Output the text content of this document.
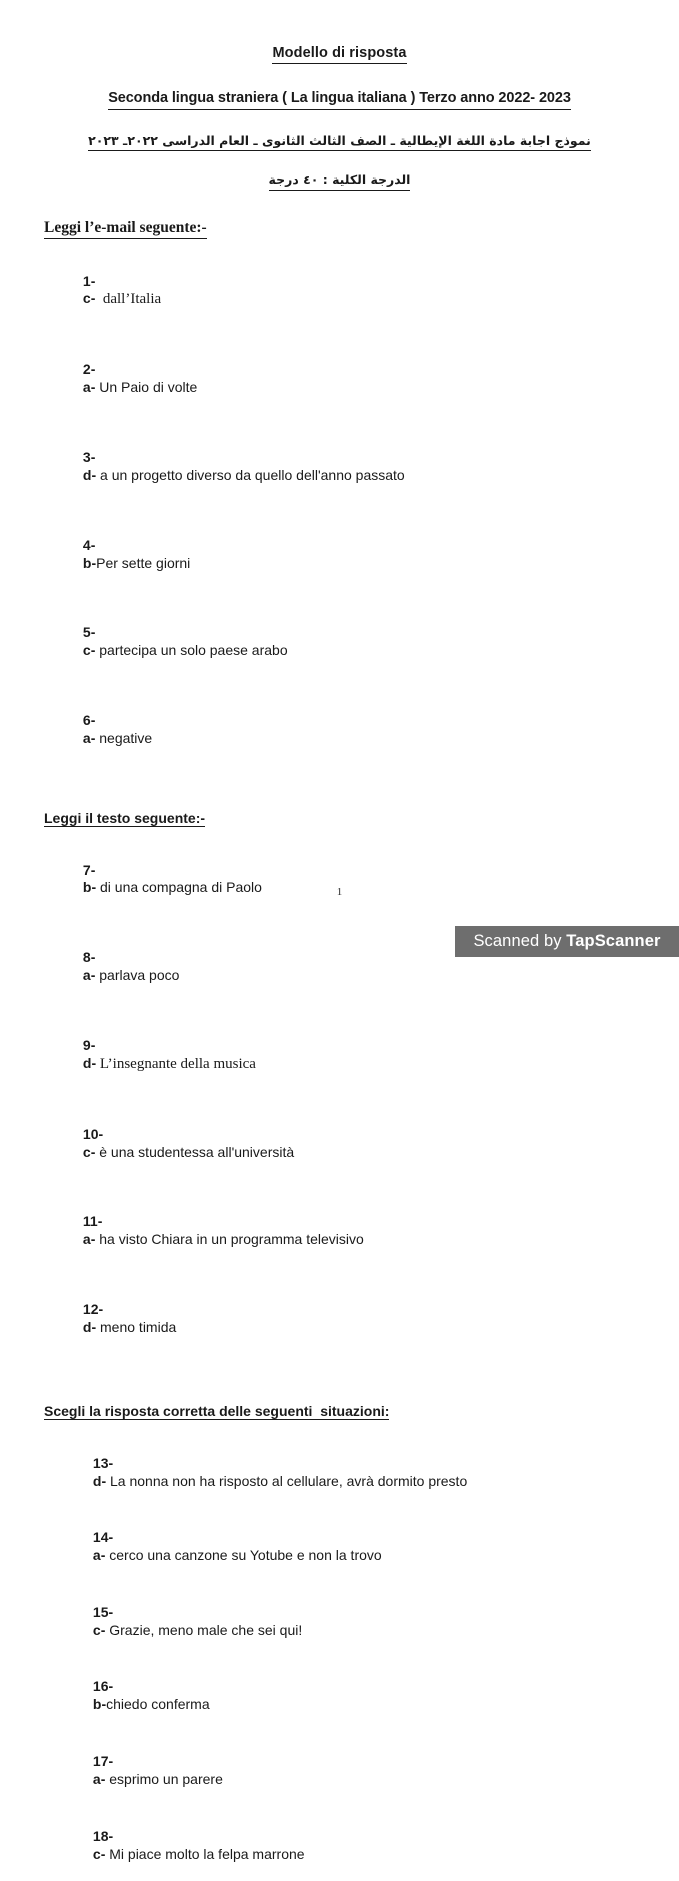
Modello di risposta
Seconda lingua straniera ( La lingua italiana ) Terzo anno 2022- 2023
نموذج اجابة مادة اللغة الإيطالية ـ الصف الثالث الثانوى ـ العام الدراسى ٢٠٢٢ـ ٢٠٢٣
الدرجة الكلية : ٤٠ درجة
Leggi l’e-mail seguente:-

1-
c-  dall’Italia

2-
a- Un Paio di volte

3-
d- a un progetto diverso da quello dell'anno passato

4-
b-Per sette giorni

5-
c- partecipa un solo paese arabo

6-
a- negative

Leggi il testo seguente:-

7-
b- di una compagna di Paolo

8-
a- parlava poco

9-
d- L’insegnante della musica

10-
c- è una studentessa all'università

11-
a- ha visto Chiara in un programma televisivo

12-
d- meno timida

Scegli la risposta corretta delle seguenti  situazioni:

13-
d- La nonna non ha risposto al cellulare, avrà dormito presto

14-
a- cerco una canzone su Yotube e non la trovo

15-
c- Grazie, meno male che sei qui!

16-
b-chiedo conferma

17-
a- esprimo un parere

18-
c- Mi piace molto la felpa marrone

1
Scanned by TapScanner
